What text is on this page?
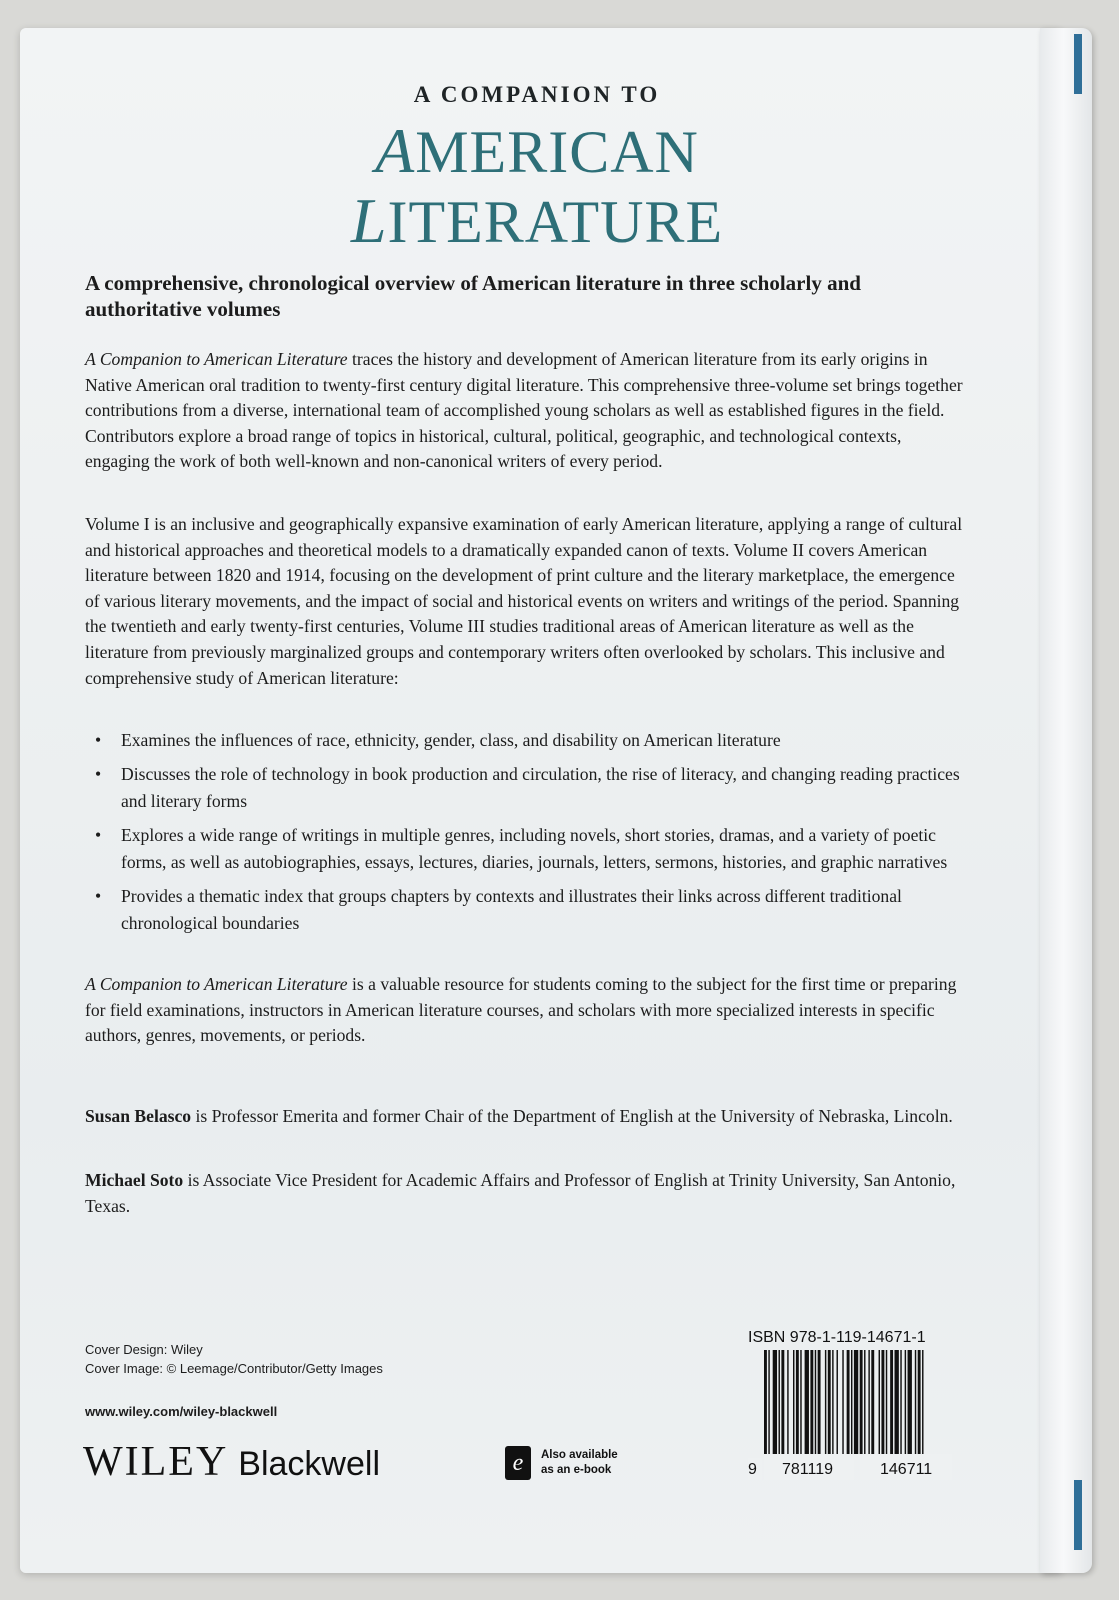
A COMPANION TO
AMERICAN
LITERATURE
A comprehensive, chronological overview of American literature in three scholarly and authoritative volumes

A Companion to American Literature traces the history and development of American literature from its early origins in Native American oral tradition to twenty-first century digital literature. This comprehensive three-volume set brings together contributions from a diverse, international team of accomplished young scholars as well as established figures in the field. Contributors explore a broad range of topics in historical, cultural, political, geographic, and technological contexts, engaging the work of both well-known and non-canonical writers of every period.

Volume I is an inclusive and geographically expansive examination of early American literature, applying a range of cultural and historical approaches and theoretical models to a dramatically expanded canon of texts. Volume II covers American literature between 1820 and 1914, focusing on the development of print culture and the literary marketplace, the emergence of various literary movements, and the impact of social and historical events on writers and writings of the period. Spanning the twentieth and early twenty-first centuries, Volume III studies traditional areas of American literature as well as the literature from previously marginalized groups and contemporary writers often overlooked by scholars. This inclusive and comprehensive study of American literature:

• Examines the influences of race, ethnicity, gender, class, and disability on American literature
• Discusses the role of technology in book production and circulation, the rise of literacy, and changing reading practices and literary forms
• Explores a wide range of writings in multiple genres, including novels, short stories, dramas, and a variety of poetic forms, as well as autobiographies, essays, lectures, diaries, journals, letters, sermons, histories, and graphic narratives
• Provides a thematic index that groups chapters by contexts and illustrates their links across different traditional chronological boundaries

A Companion to American Literature is a valuable resource for students coming to the subject for the first time or preparing for field examinations, instructors in American literature courses, and scholars with more specialized interests in specific authors, genres, movements, or periods.

Susan Belasco is Professor Emerita and former Chair of the Department of English at the University of Nebraska, Lincoln.

Michael Soto is Associate Vice President for Academic Affairs and Professor of English at Trinity University, San Antonio, Texas.

Cover Design: Wiley
Cover Image: © Leemage/Contributor/Getty Images
www.wiley.com/wiley-blackwell
WILEY Blackwell	e	Also available
as an e-book
ISBN 978-1-119-14671-1
9 781119	146711
